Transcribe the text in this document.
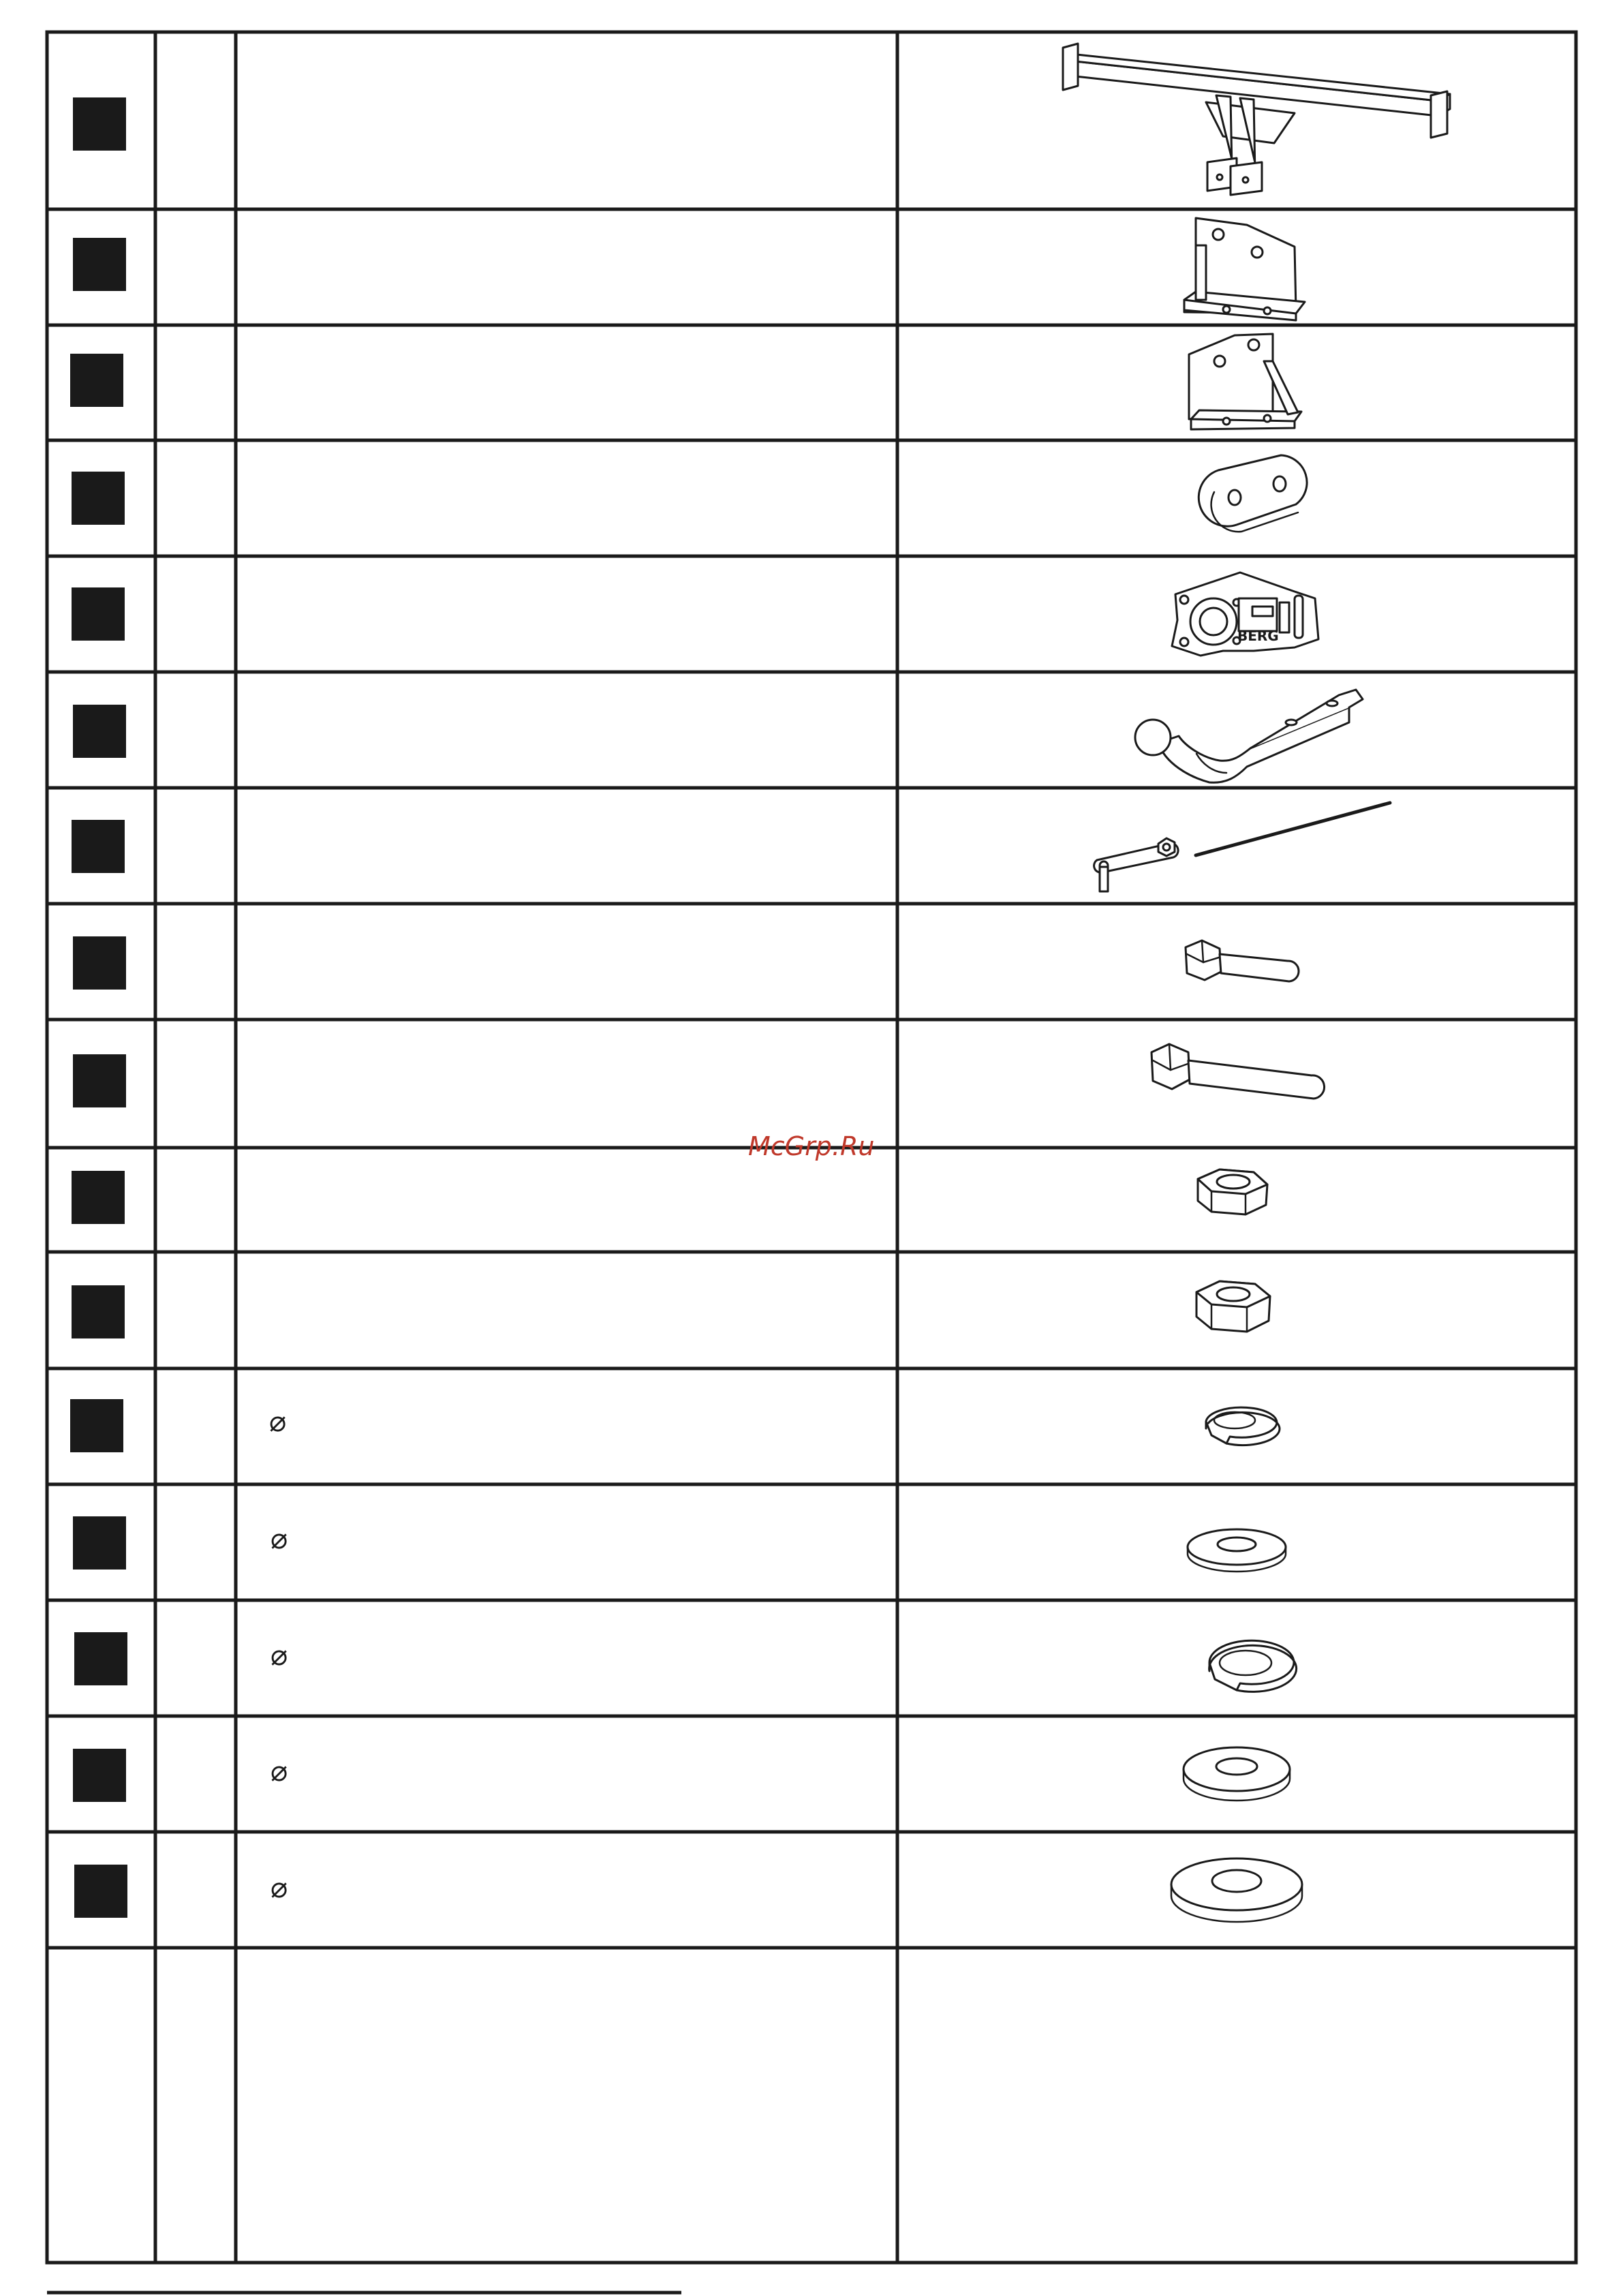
⌀
⌀
⌀
⌀
⌀
BERG
McGrp.Ru
